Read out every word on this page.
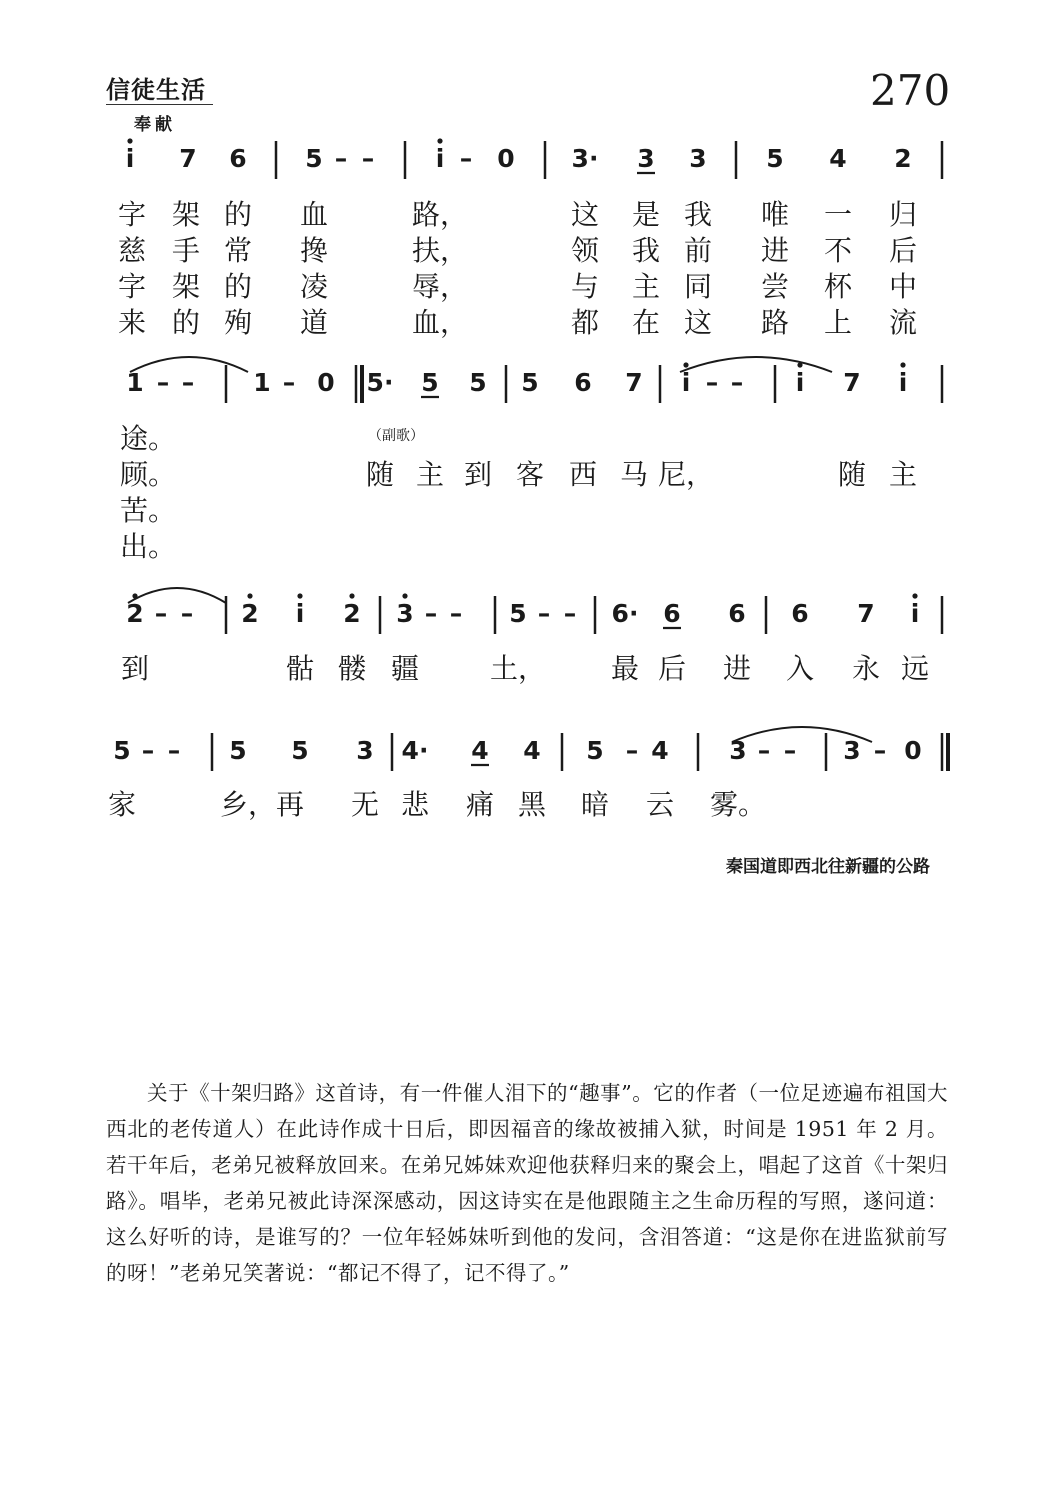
信徒生活
奉献
270
i 7 6 5 – – i – 0 3· 3 3 5 4 2
1 – – 1 – 0 5· 5 5 5 6 7 i – – i 7 i
2 – – 2 i 2 3 – – 5 – – 6· 6 6 6 7 i
5 – – 5 5 3 4· 4 4 5 – 4 3 – – 3 – 0
字 架 的 血	路，	这 是 我 唯 一 归
慈 手 常 搀	扶，	领 我 前 进 不 后
字 架 的 凌	辱，	与 主 同 尝 杯 中
来 的 殉 道	血，	都 在 这 路 上 流
途。
顾。
苦。
出。
（副歌）
随 主 到 客 西 马 尼，	随 主
到	骷 髅 疆	土， 最 后 进 入 永 远
家	乡，再 无 悲 痛 黑 暗 云 雾。
秦国道即西北往新疆的公路

关于《十架归路》这首诗，有一件催人泪下的“趣事”。它的作者（一位足迹遍布祖国大西北的老传道人）在此诗作成十日后，即因福音的缘故被捕入狱，时间是 1951 年 2 月。若干年后，老弟兄被释放回来。在弟兄姊妹欢迎他获释归来的聚会上，唱起了这首《十架归路》。唱毕，老弟兄被此诗深深感动，因这诗实在是他跟随主之生命历程的写照，遂问道：这么好听的诗，是谁写的？一位年轻姊妹听到他的发问，含泪答道：“这是你在进监狱前写的呀！”老弟兄笑著说：“都记不得了，记不得了。”
